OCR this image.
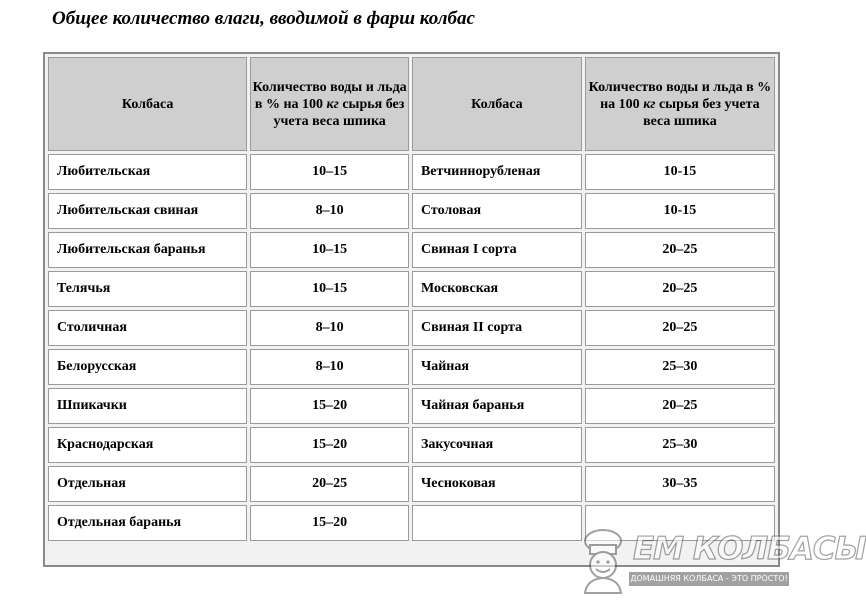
Общее количество влаги, вводимой в фарш колбас
Колбаса	Количество воды и льда в % на 100 кг сырья без учета веса шпика	Колбаса	Количество воды и льда в % на 100 кг сырья без учета веса шпика
Любительская	10–15	Ветчиннорубленая	10-15
Любительская свиная	8–10	Столовая	10-15
Любительская баранья	10–15	Свиная I сорта	20–25
Телячья	10–15	Московская	20–25
Столичная	8–10	Свиная II сорта	20–25
Белорусская	8–10	Чайная	25–30
Шпикачки	15–20	Чайная баранья	20–25
Краснодарская	15–20	Закусочная	25–30
Отдельная	20–25	Чесноковая	30–35
Отдельная баранья	15–20		
ЕМ КОЛБАСЫ
ДОМАШНЯЯ КОЛБАСА - ЭТО ПРОСТО!
